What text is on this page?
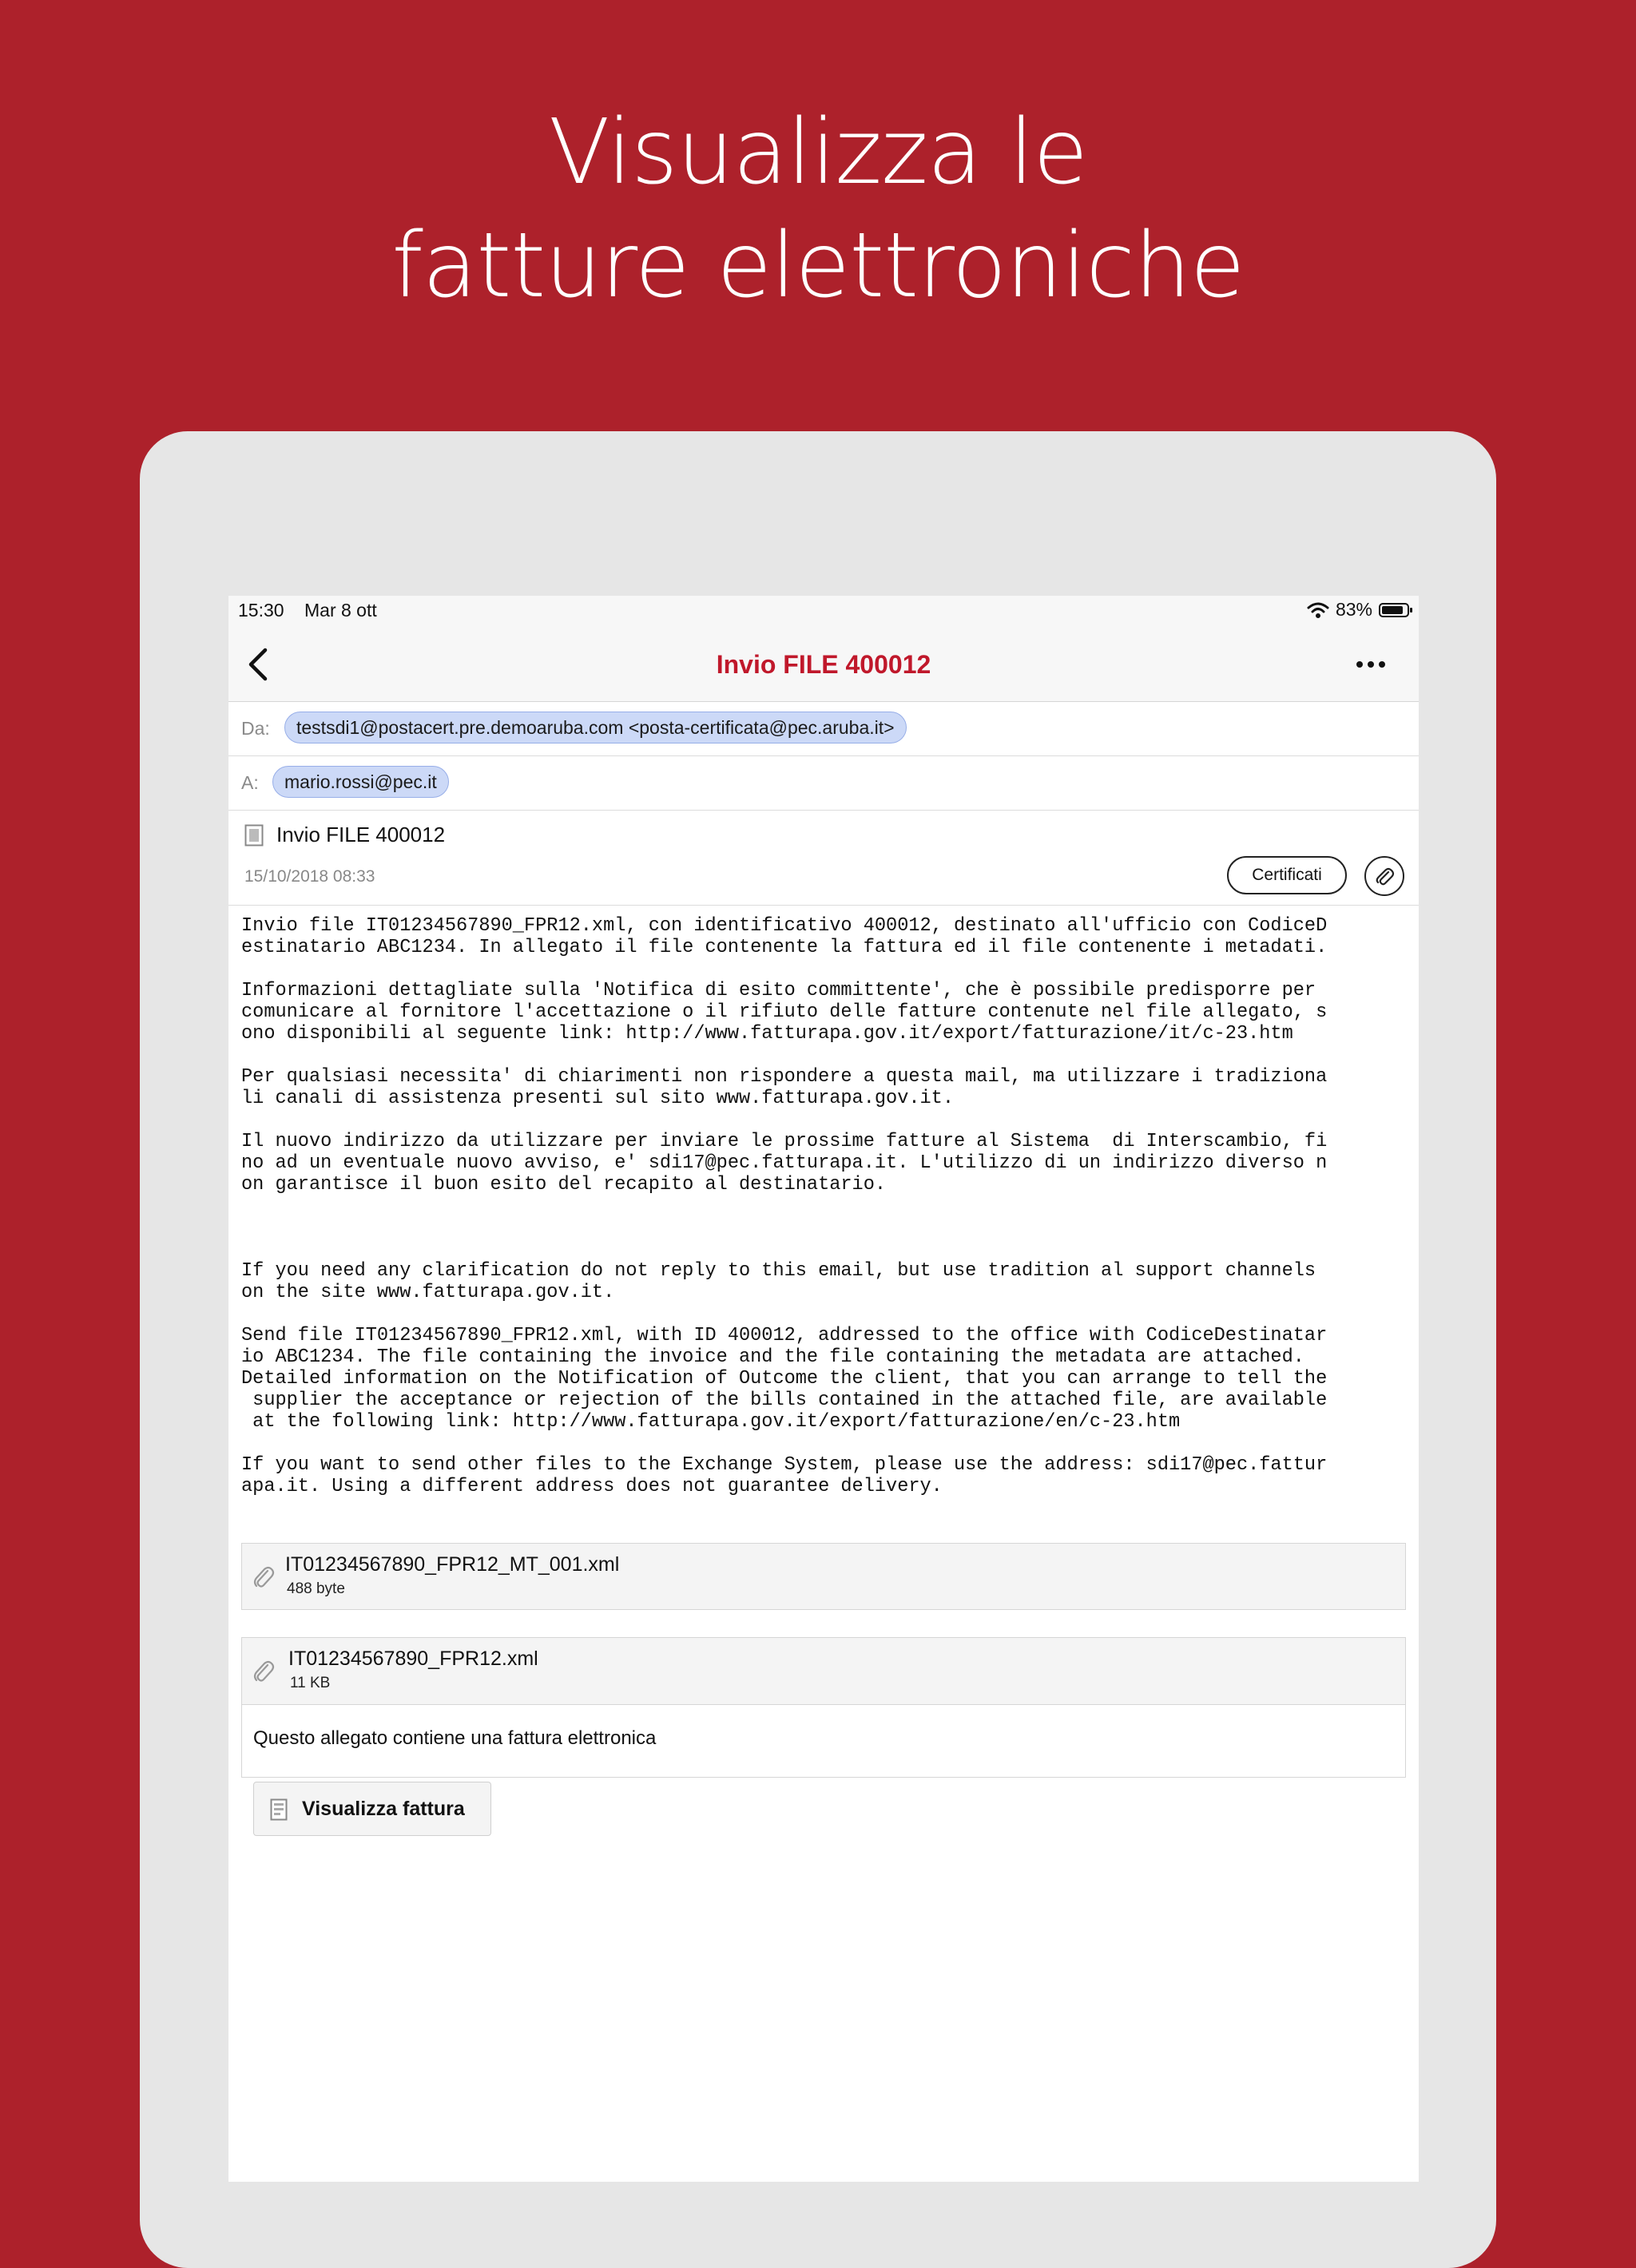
Visualizza le
fatture elettroniche
15:30 Mar 8 ott	83%
Invio FILE 400012
Da:	testsdi1@postacert.pre.demoaruba.com <posta-certificata@pec.aruba.it>
A:	mario.rossi@pec.it
Invio FILE 400012
15/10/2018 08:33	Certificati
Invio file IT01234567890_FPR12.xml, con identificativo 400012, destinato all'ufficio con CodiceD
estinatario ABC1234. In allegato il file contenente la fattura ed il file contenente i metadati.

Informazioni dettagliate sulla 'Notifica di esito committente', che è possibile predisporre per
comunicare al fornitore l'accettazione o il rifiuto delle fatture contenute nel file allegato, s
ono disponibili al seguente link: http://www.fatturapa.gov.it/export/fatturazione/it/c-23.htm

Per qualsiasi necessita' di chiarimenti non rispondere a questa mail, ma utilizzare i tradiziona
li canali di assistenza presenti sul sito www.fatturapa.gov.it.

Il nuovo indirizzo da utilizzare per inviare le prossime fatture al Sistema  di Interscambio, fi
no ad un eventuale nuovo avviso, e' sdi17@pec.fatturapa.it. L'utilizzo di un indirizzo diverso n
on garantisce il buon esito del recapito al destinatario.

If you need any clarification do not reply to this email, but use tradition al support channels
on the site www.fatturapa.gov.it.

Send file IT01234567890_FPR12.xml, with ID 400012, addressed to the office with CodiceDestinatar
io ABC1234. The file containing the invoice and the file containing the metadata are attached.
Detailed information on the Notification of Outcome the client, that you can arrange to tell the
supplier the acceptance or rejection of the bills contained in the attached file, are available
at the following link: http://www.fatturapa.gov.it/export/fatturazione/en/c-23.htm

If you want to send other files to the Exchange System, please use the address: sdi17@pec.fattur
apa.it. Using a different address does not guarantee delivery.
IT01234567890_FPR12_MT_001.xml
488 byte
IT01234567890_FPR12.xml
11 KB
Questo allegato contiene una fattura elettronica
Visualizza fattura
